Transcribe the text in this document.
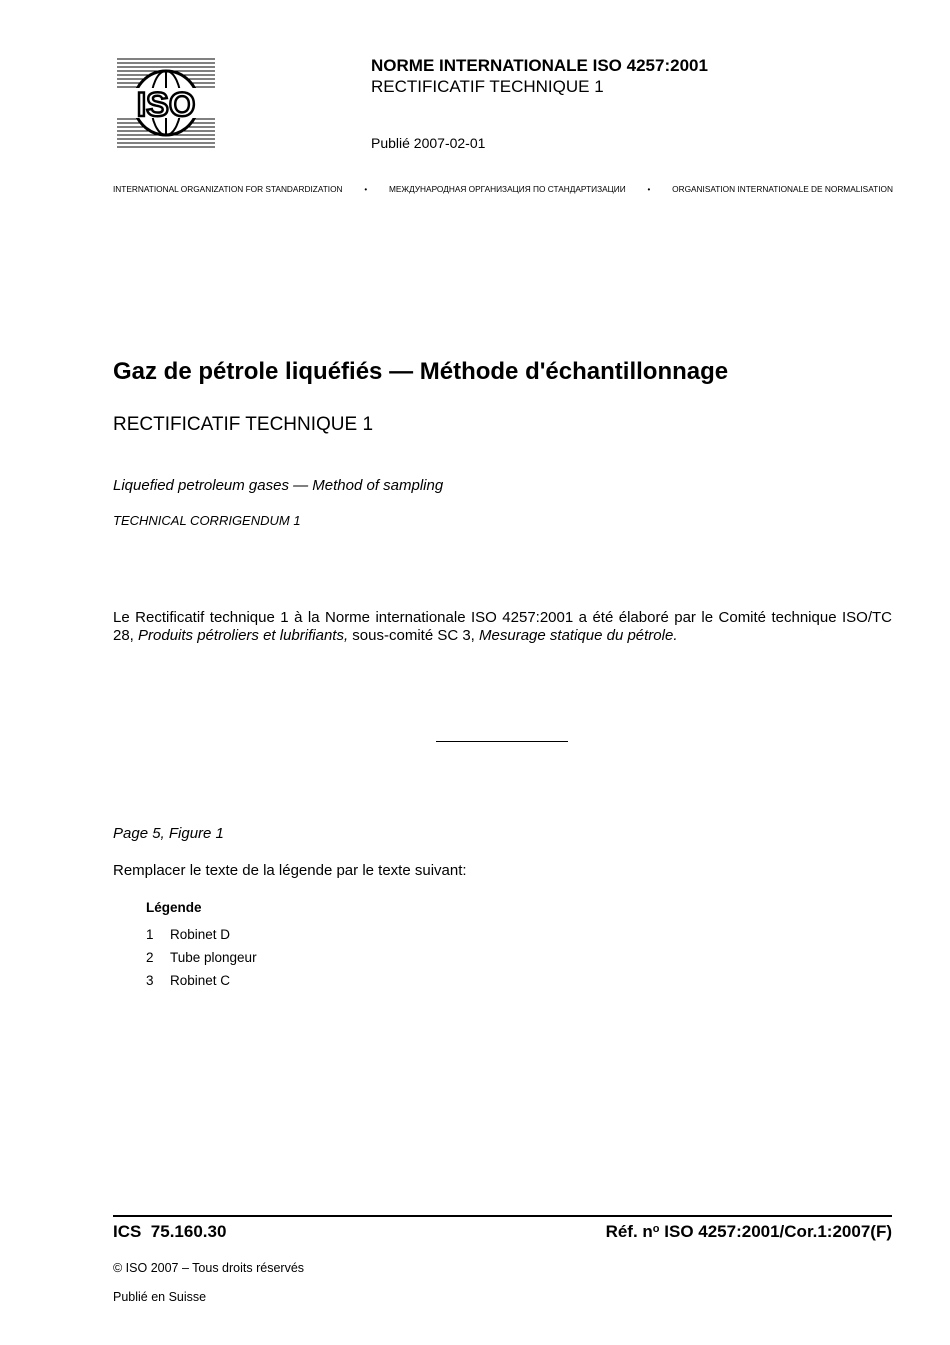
ISO
NORME INTERNATIONALE ISO 4257:2001
RECTIFICATIF TECHNIQUE 1
Publié 2007-02-01
INTERNATIONAL ORGANIZATION FOR STANDARDIZATION	•	МЕЖДУНАРОДНАЯ ОРГАНИЗАЦИЯ ПО СТАНДАРТИЗАЦИИ	•	ORGANISATION INTERNATIONALE DE NORMALISATION
Gaz de pétrole liquéfiés — Méthode d'échantillonnage
RECTIFICATIF TECHNIQUE 1
Liquefied petroleum gases — Method of sampling
TECHNICAL CORRIGENDUM 1
Le Rectificatif technique 1 à la Norme internationale ISO 4257:2001 a été élaboré par le Comité technique ISO/TC 28, Produits pétroliers et lubrifiants, sous-comité SC 3, Mesurage statique du pétrole.
Page 5, Figure 1
Remplacer le texte de la légende par le texte suivant:
Légende
1 Robinet D
2 Tube plongeur
3 Robinet C
ICS  75.160.30	Réf. $n^o$ ISO 4257:2001/Cor.1:2007(F)
© ISO 2007 – Tous droits réservés
Publié en Suisse
